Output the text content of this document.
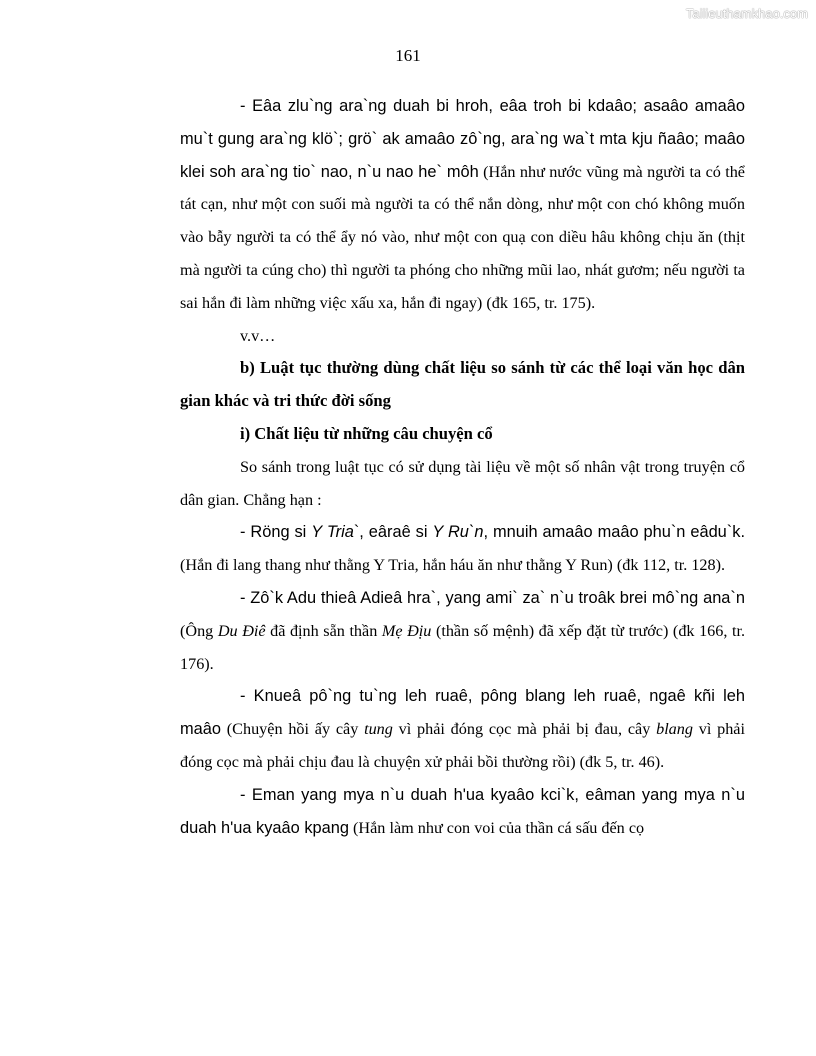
Tailieuthamkhao.com
161

- Eâa zlu`ng ara`ng duah bi hroh, eâa troh bi kdaâo; asaâo amaâo mu`t gung ara`ng klö`; grö` ak amaâo zô`ng, ara`ng wa`t mta kju ñaâo; maâo klei soh ara`ng tio` nao, n`u nao he` môh (Hắn như nước vũng mà người ta có thể tát cạn, như một con suối mà người ta có thể nắn dòng, như một con chó không muốn vào bẫy người ta có thể ẩy nó vào, như một con quạ con diều hâu không chịu ăn (thịt mà người ta cúng cho) thì người ta phóng cho những mũi lao, nhát gươm; nếu người ta sai hắn đi làm những việc xấu xa, hắn đi ngay) (đk 165, tr. 175).

v.v…

b) Luật tục thường dùng chất liệu so sánh từ các thể loại văn học dân gian khác và tri thức đời sống

i) Chất liệu từ những câu chuyện cổ

So sánh trong luật tục có sử dụng tài liệu về một số nhân vật trong truyện cổ dân gian. Chẳng hạn :

- Röng si Y Tria`, eâraê si Y Ru`n, mnuih amaâo maâo phu`n eâdu`k. (Hắn đi lang thang như thằng Y Tria, hắn háu ăn như thằng Y Run) (đk 112, tr. 128).

- Zô`k Adu thieâ Adieâ hra`, yang ami` za` n`u troâk brei mô`ng ana`n (Ông Du Điê đã định sẵn thần Mẹ Địu (thần số mệnh) đã xếp đặt từ trước) (đk 166, tr. 176).

- Knueâ pô`ng tu`ng leh ruaê, pông blang leh ruaê, ngaê kñi leh maâo (Chuyện hồi ấy cây tung vì phải đóng cọc mà phải bị đau, cây blang vì phải đóng cọc mà phải chịu đau là chuyện xử phải bồi thường rồi) (đk 5, tr. 46).

- Eman yang mya n`u duah h'ua kyaâo kci`k, eâman yang mya n`u duah h'ua kyaâo kpang (Hắn làm như con voi của thần cá sấu đến cọ
